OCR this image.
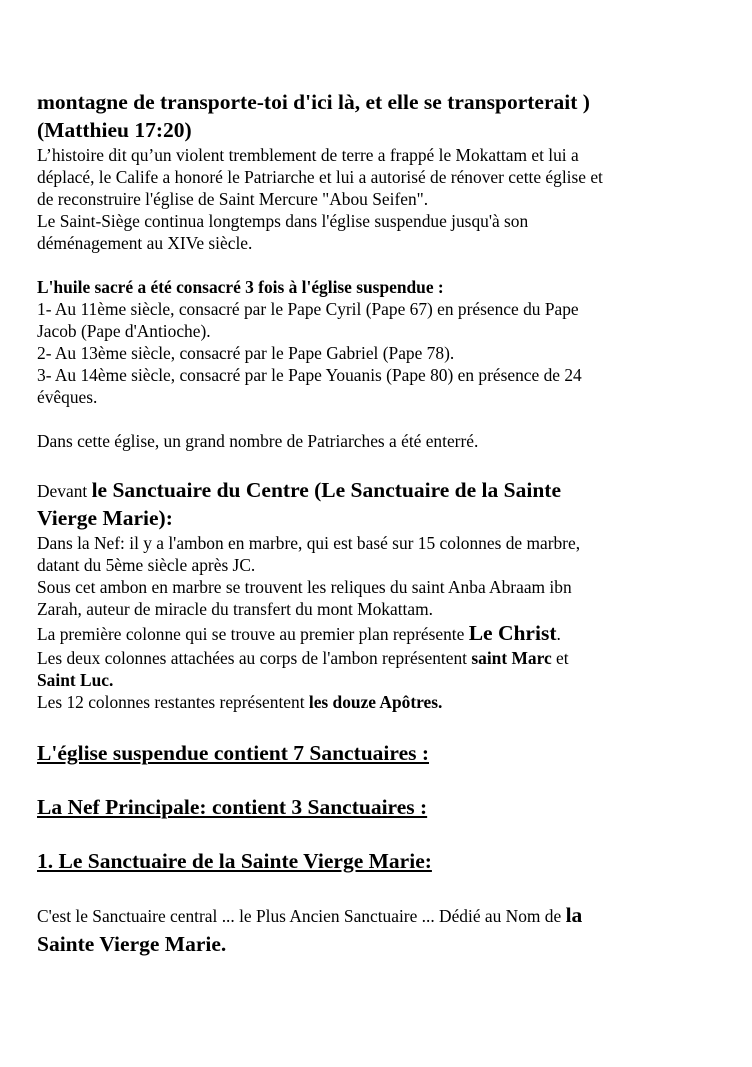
montagne de transporte-toi d'ici là, et elle se transporterait )
(Matthieu 17:20)
L’histoire dit qu’un violent tremblement de terre a frappé le Mokattam et lui a
déplacé, le Calife a honoré le Patriarche et lui a autorisé de rénover cette église et
de reconstruire l'église de Saint Mercure "Abou Seifen".
Le Saint-Siège continua longtemps dans l'église suspendue jusqu'à son
déménagement au XIVe siècle.
L'huile sacré a été consacré 3 fois à l'église suspendue :
1- Au 11ème siècle, consacré par le Pape Cyril (Pape 67) en présence du Pape
Jacob (Pape d'Antioche).
2- Au 13ème siècle, consacré par le Pape Gabriel (Pape 78).
3- Au 14ème siècle, consacré par le Pape Youanis (Pape 80) en présence de 24
évêques.
Dans cette église, un grand nombre de Patriarches a été enterré.
Devant le Sanctuaire du Centre (Le Sanctuaire de la Sainte
Vierge Marie):
Dans la Nef: il y a l'ambon en marbre, qui est basé sur 15 colonnes de marbre,
datant du 5ème siècle après JC.
Sous cet ambon en marbre se trouvent les reliques du saint Anba Abraam ibn
Zarah, auteur de miracle du transfert du mont Mokattam.
La première colonne qui se trouve au premier plan représente Le Christ.
Les deux colonnes attachées au corps de l'ambon représentent saint Marc et
Saint Luc.
Les 12 colonnes restantes représentent les douze Apôtres.
L'église suspendue contient 7 Sanctuaires :
La Nef Principale: contient 3 Sanctuaires :
1. Le Sanctuaire de la Sainte Vierge Marie:
C'est le Sanctuaire central ... le Plus Ancien Sanctuaire ... Dédié au Nom de la
Sainte Vierge Marie.
